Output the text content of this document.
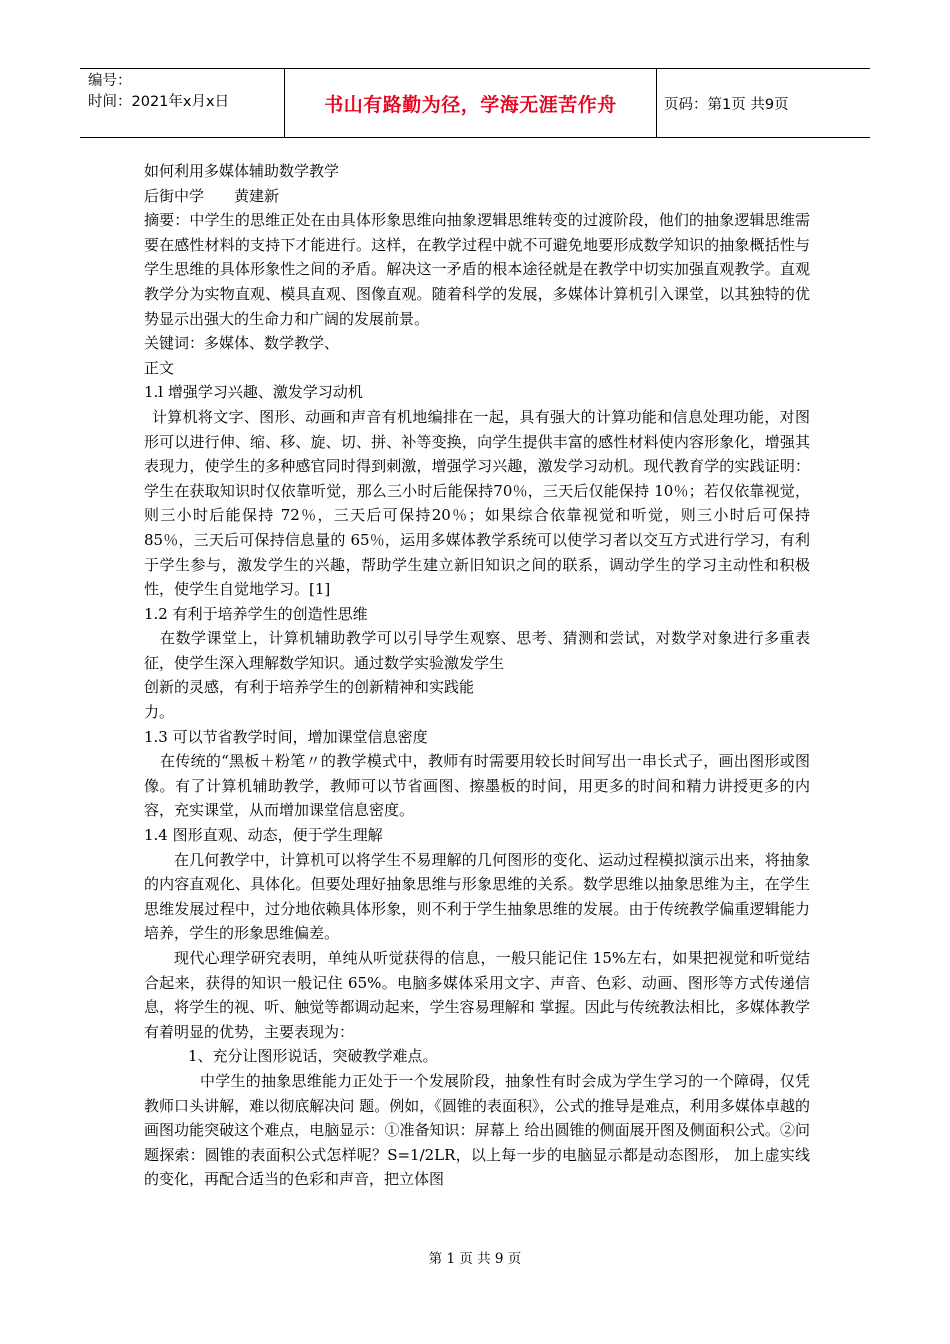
编号：
时间：2021年x月x日	书山有路勤为径，学海无涯苦作舟	页码：第1页 共9页

如何利用多媒体辅助数学教学

后街中学　　黄建新

摘要：中学生的思维正处在由具体形象思维向抽象逻辑思维转变的过渡阶段，他们的抽象逻辑思维需要在感性材料的支持下才能进行。这样，在教学过程中就不可避免地要形成数学知识的抽象概括性与学生思维的具体形象性之间的矛盾。解决这一矛盾的根本途径就是在教学中切实加强直观教学。直观教学分为实物直观、模具直观、图像直观。随着科学的发展，多媒体计算机引入课堂，以其独特的优势显示出强大的生命力和广阔的发展前景。

关键词：多媒体、数学教学、

正文

1.l 增强学习兴趣、激发学习动机

计算机将文字、图形、动画和声音有机地编排在一起，具有强大的计算功能和信息处理功能，对图形可以进行伸、缩、移、旋、切、拼、补等变换，向学生提供丰富的感性材料使内容形象化，增强其表现力，使学生的多种感官同时得到刺激，增强学习兴趣，激发学习动机。现代教育学的实践证明：学生在获取知识时仅依靠听觉，那么三小时后能保持70％，三天后仅能保持 10％；若仅依靠视觉，则三小时后能保持 72％，三天后可保持20％；如果综合依靠视觉和听觉，则三小时后可保持 85％，三天后可保持信息量的 65％，运用多媒体教学系统可以使学习者以交互方式进行学习，有利于学生参与，激发学生的兴趣，帮助学生建立新旧知识之间的联系，调动学生的学习主动性和积极性，使学生自觉地学习。[1]

1.2 有利于培养学生的创造性思维

在数学课堂上，计算机辅助教学可以引导学生观察、思考、猜测和尝试，对数学对象进行多重表征，使学生深入理解数学知识。通过数学实验激发学生

创新的灵感，有利于培养学生的创新精神和实践能

力。

1.3 可以节省教学时间，增加课堂信息密度

在传统的“黑板＋粉笔〃的教学模式中，教师有时需要用较长时间写出一串长式子，画出图形或图像。有了计算机辅助教学，教师可以节省画图、擦墨板的时间，用更多的时间和精力讲授更多的内容，充实课堂，从而增加课堂信息密度。

1.4 图形直观、动态，便于学生理解

在几何教学中，计算机可以将学生不易理解的几何图形的变化、运动过程模拟演示出来，将抽象的内容直观化、具体化。但要处理好抽象思维与形象思维的关系。数学思维以抽象思维为主，在学生思维发展过程中，过分地依赖具体形象，则不利于学生抽象思维的发展。由于传统教学偏重逻辑能力培养，学生的形象思维偏差。

现代心理学研究表明，单纯从听觉获得的信息，一般只能记住 15%左右，如果把视觉和听觉结合起来，获得的知识一般记住 65%。电脑多媒体采用文字、声音、色彩、动画、图形等方式传递信息，将学生的视、听、触觉等都调动起来，学生容易理解和 掌握。因此与传统教法相比，多媒体教学有着明显的优势，主要表现为：

1、充分让图形说话，突破教学难点。

中学生的抽象思维能力正处于一个发展阶段，抽象性有时会成为学生学习的一个障碍，仅凭教师口头讲解，难以彻底解决问 题。例如，《圆锥的表面积》，公式的推导是难点，利用多媒体卓越的画图功能突破这个难点，电脑显示：①准备知识：屏幕上 给出圆锥的侧面展开图及侧面积公式。②问题探索：圆锥的表面积公式怎样呢？S=1/2LR，以上每一步的电脑显示都是动态图形， 加上虚实线的变化，再配合适当的色彩和声音，把立体图

第 1 页 共 9 页
